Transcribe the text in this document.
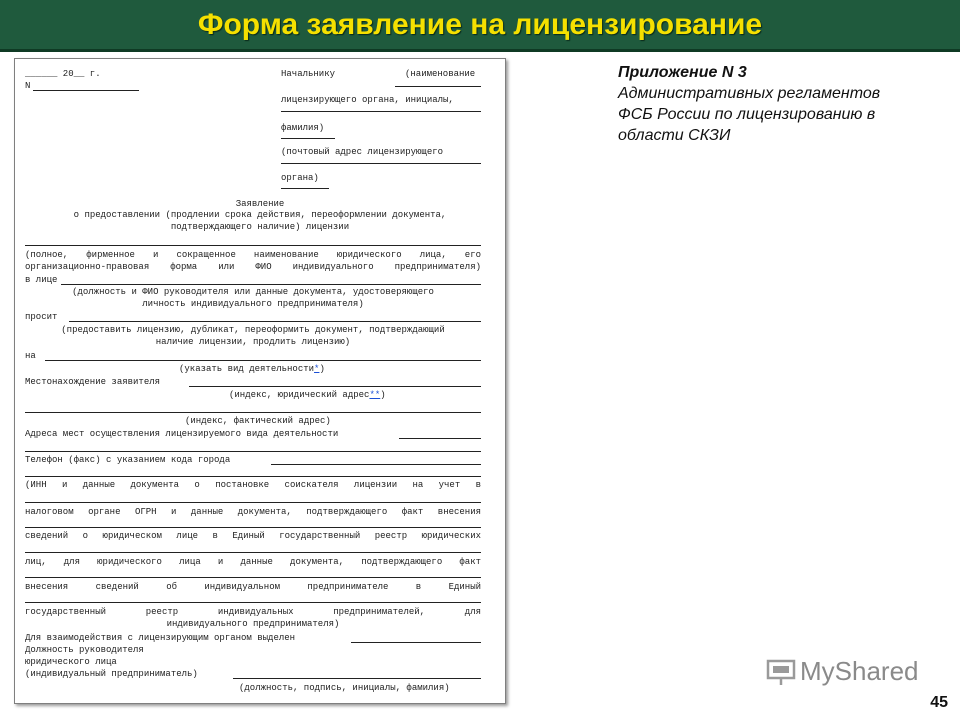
Форма заявление на лицензирование
______ 20__ г.
N
Начальнику	(наименование
лицензирующего органа, инициалы,
фамилия)
(почтовый адрес лицензирующего
органа)
Заявление
о предоставлении (продлении срока действия, переоформлении документа,
подтверждающего наличие) лицензии
(полное, фирменное и сокращенное наименование юридического лица, его
организационно-правовая форма или ФИО индивидуального предпринимателя)
в лице
(должность и ФИО руководителя или данные документа, удостоверяющего
личность индивидуального предпринимателя)
просит
(предоставить лицензию, дубликат, переоформить документ, подтверждающий
наличие лицензии, продлить лицензию)
на
(указать вид деятельности*)
Местонахождение заявителя
(индекс, юридический адрес**)
(индекс, фактический адрес)
Адреса мест осуществления лицензируемого вида деятельности
Телефон (факс) с указанием кода города
(ИНН и данные документа о постановке соискателя лицензии на учет в
налоговом органе ОГРН и данные документа, подтверждающего факт внесения
сведений о юридическом лице в Единый государственный реестр юридических
лиц, для юридического лица и данные документа, подтверждающего факт
внесения сведений об индивидуальном предпринимателе в Единый
государственный реестр индивидуальных предпринимателей, для
индивидуального предпринимателя)
Для взаимодействия с лицензирующим органом выделен
Должность руководителя
юридического лица
(индивидуальный предприниматель)
(должность, подпись, инициалы, фамилия)
Приложение N 3
Административных регламентов
ФСБ России по лицензированию в
области СКЗИ
MyShared
45
